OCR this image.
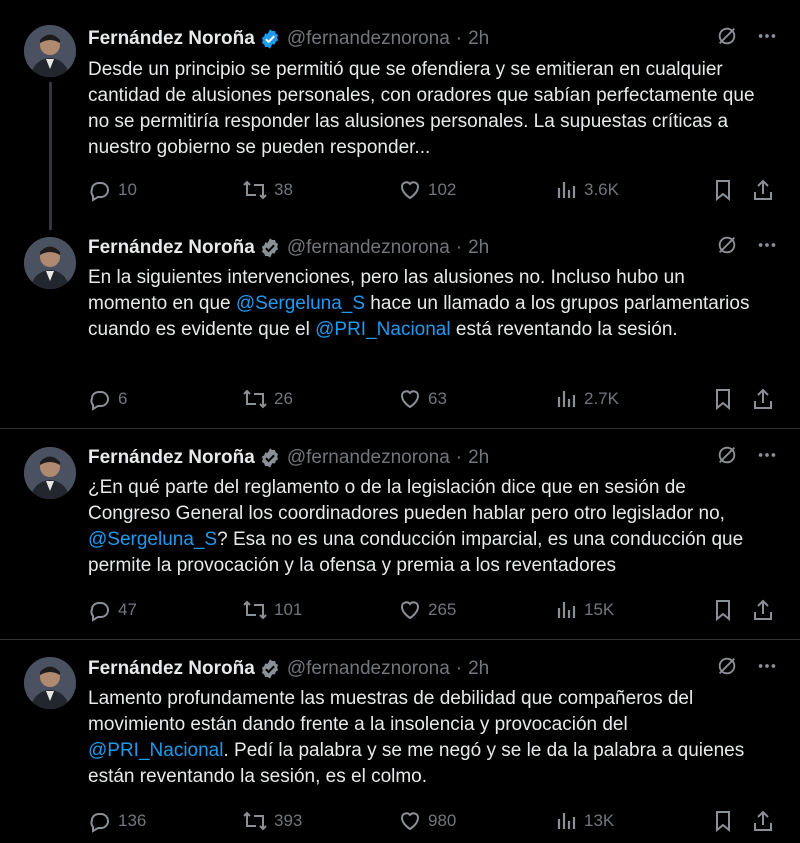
Fernández Noroña @fernandeznorona · 2h
Desde un principio se permitió que se ofendiera y se emitieran en cualquier cantidad de alusiones personales, con oradores que sabían perfectamente que no se permitiría responder las alusiones personales. La supuestas críticas a nuestro gobierno se pueden responder...
10	38	102	3.6K
Fernández Noroña @fernandeznorona · 2h
En la siguientes intervenciones, pero las alusiones no. Incluso hubo un momento en que @Sergeluna_S hace un llamado a los grupos parlamentarios cuando es evidente que el @PRI_Nacional está reventando la sesión.
6	26	63	2.7K
Fernández Noroña @fernandeznorona · 2h
¿En qué parte del reglamento o de la legislación dice que en sesión de Congreso General los coordinadores pueden hablar pero otro legislador no, @Sergeluna_S? Esa no es una conducción imparcial, es una conducción que permite la provocación y la ofensa y premia a los reventadores
47	101	265	15K
Fernández Noroña @fernandeznorona · 2h
Lamento profundamente las muestras de debilidad que compañeros del movimiento están dando frente a la insolencia y provocación del @PRI_Nacional. Pedí la palabra y se me negó y se le da la palabra a quienes están reventando la sesión, es el colmo.
136	393	980	13K
